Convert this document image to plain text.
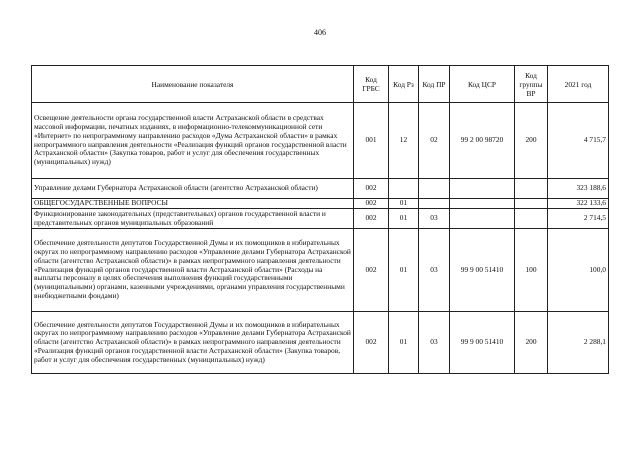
406
Наименование показателя	Код ГРБС	Код Рз	Код ПР	Код ЦСР	Код группы ВР	2021 год
Освещение деятельности органа государственной власти Астраханской области в средствах массовой информации, печатных изданиях, в информационно-телекоммуникационной сети «Интернет» по непрограммному направлению расходов «Дума Астраханской области» в рамках непрограммного направления деятельности «Реализация функций органов государственной власти Астраханской области» (Закупка товаров, работ и услуг для обеспечения государственных (муниципальных) нужд)	001	12	02	99 2 00 98720	200	4 715,7
Управление делами Губернатора Астраханской области (агентство Астраханской области)	002					323 188,6
ОБЩЕГОСУДАРСТВЕННЫЕ ВОПРОСЫ	002	01				322 133,6
Функционирование законодательных (представительных) органов государственной власти и представительных органов муниципальных образований	002	01	03			2 714,5
Обеспечение деятельности депутатов Государственной Думы и их помощников в избирательных округах по непрограммному направлению расходов «Управление делами Губернатора Астраханской области (агентство Астраханской области)» в рамках непрограммного направления деятельности «Реализация функций органов государственной власти Астраханской области» (Расходы на выплаты персоналу в целях обеспечения выполнения функций государственными (муниципальными) органами, казенными учреждениями, органами управления государственными внебюджетными фондами)	002	01	03	99 9 00 51410	100	100,0
Обеспечение деятельности депутатов Государственной Думы и их помощников в избирательных округах по непрограммному направлению расходов «Управление делами Губернатора Астраханской области (агентство Астраханской области)» в рамках непрограммного направления деятельности «Реализация функций органов государственной власти Астраханской области» (Закупка товаров, работ и услуг для обеспечения государственных (муниципальных) нужд)	002	01	03	99 9 00 51410	200	2 288,1
